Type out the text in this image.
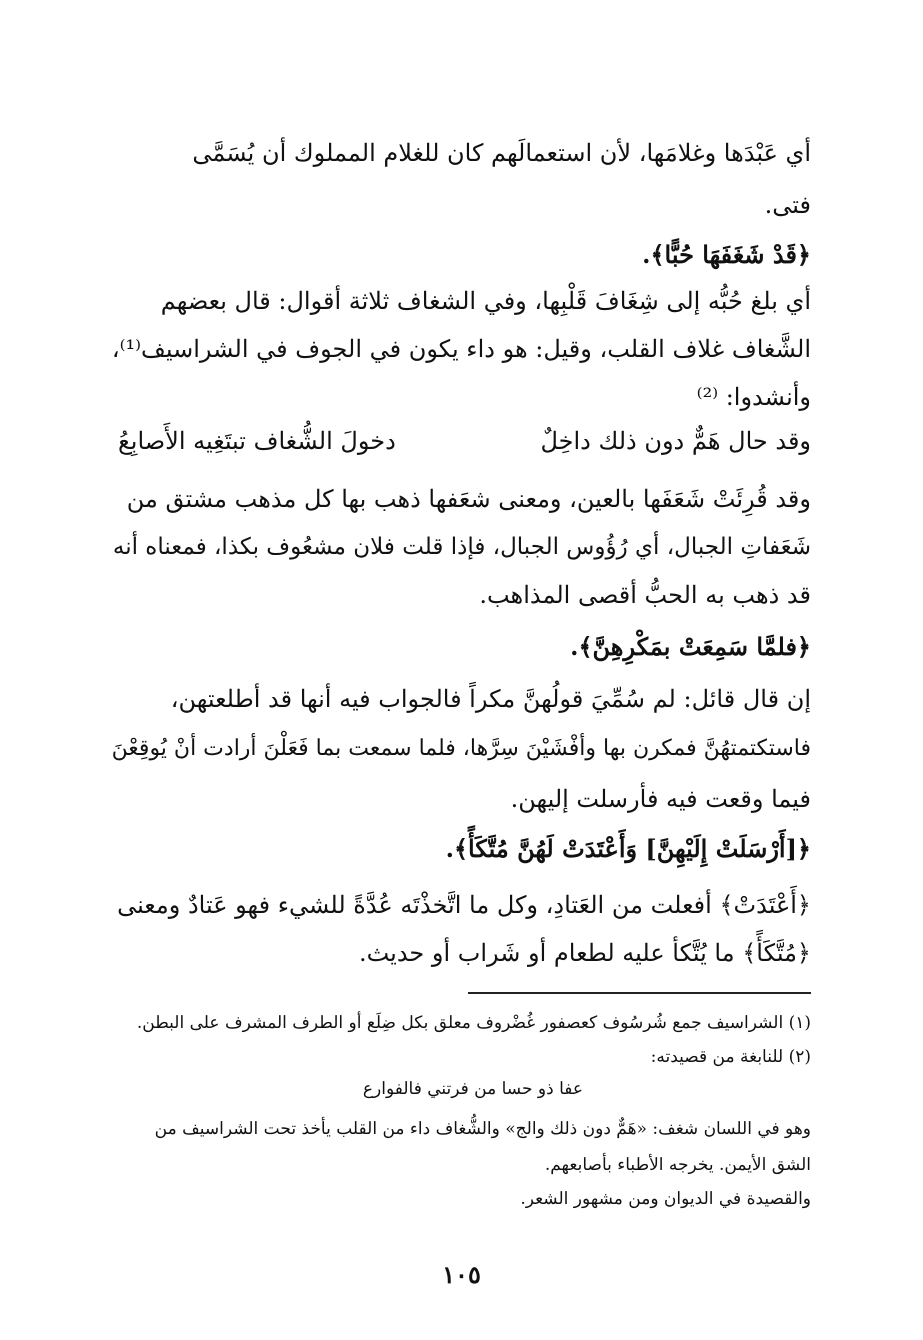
أي عَبْدَها وغلامَها، لأن استعمالَهم كان للغلام المملوك أن يُسَمَّى
فتى.
﴿قَدْ شَغَفَهَا حُبًّا﴾.
أي بلغ حُبُّه إلى شِغَافَ قَلْبِها، وفي الشغاف ثلاثة أقوال: قال بعضهم
الشَّغاف غلاف القلب، وقيل: هو داء يكون في الجوف في الشراسيف⁽¹⁾،
وأنشدوا: ⁽²⁾
وقد حال هَمٌّ دون ذلك داخِلٌ
دخولَ الشُّغاف تبتَغِيه الأَصابِعُ
وقد قُرِئَتْ شَعَفَها بالعين، ومعنى شعَفها ذهب بها كل مذهب مشتق من
شَعَفاتِ الجبال، أي رُؤُوس الجبال، فإذا قلت فلان مشعُوف بكذا، فمعناه أنه
قد ذهب به الحبُّ أقصى المذاهب.
﴿فلمَّا سَمِعَتْ بمَكْرِهِنَّ﴾.
إن قال قائل: لم سُمِّيَ قولُهنَّ مكراً فالجواب فيه أنها قد أطلعتهن،
فاستكتمتهُنَّ فمكرن بها وأفْشَيْنَ سِرَّها، فلما سمعت بما فَعَلْنَ أرادت أنْ يُوقِعْنَ
فيما وقعت فيه فأرسلت إليهن.
﴿[أَرْسَلَتْ إِلَيْهِنَّ] وَأَعْتَدَتْ لَهُنَّ مُتَّكَأً﴾.
﴿أَعْتَدَتْ﴾ أفعلت من العَتادِ، وكل ما اتَّخذْتَه عُدَّةً للشيء فهو عَتادٌ ومعنى
﴿مُتَّكَأً﴾ ما يُتَّكأ عليه لطعام أو شَراب أو حديث.
(١) الشراسيف جمع شُرسُوف كعصفور غُضْروف معلق بكل ضِلَع أو الطرف المشرف على البطن.
(٢) للنابغة من قصيدته:
عفا ذو حسا من فرتني فالفوارع
وهو في اللسان شغف: «هَمٌّ دون ذلك والج» والشُّغاف داء من القلب يأخذ تحت الشراسيف من
الشق الأيمن. يخرجه الأطباء بأصابعهم.
والقصيدة في الديوان ومن مشهور الشعر.
١٠٥
